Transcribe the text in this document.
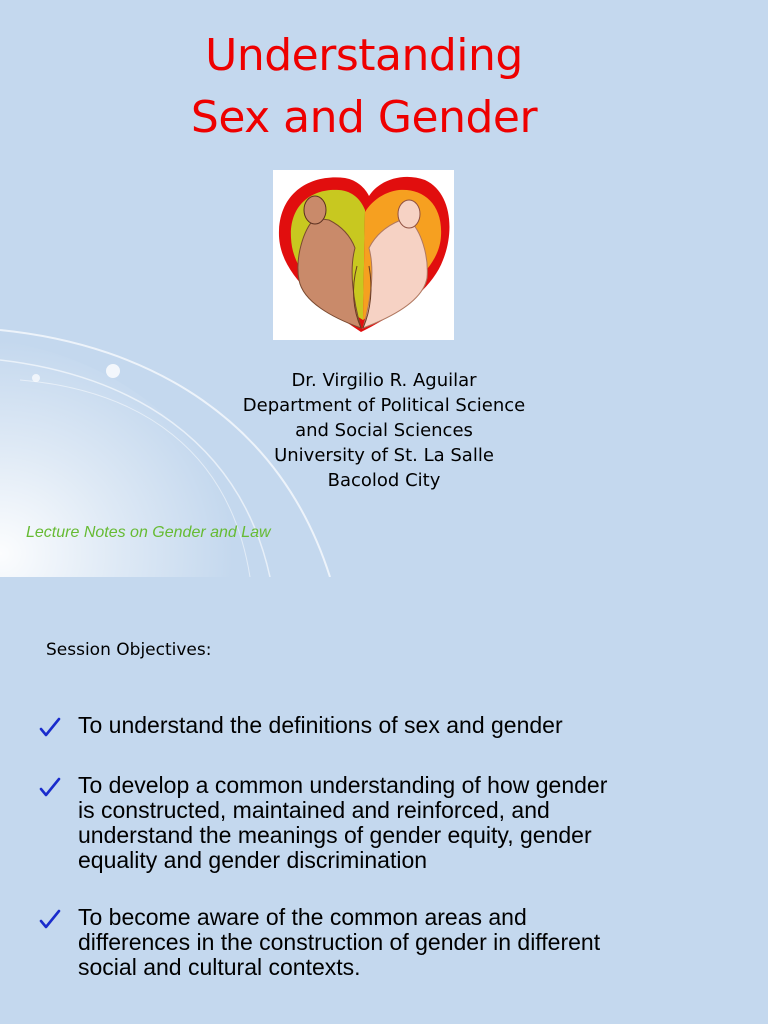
Understanding
Sex and Gender
Dr. Virgilio R. Aguilar
Department of Political Science
and Social Sciences
University of St. La Salle
Bacolod City
Lecture Notes on Gender and Law
Session Objectives:
To understand the definitions of sex and gender
To develop a common understanding of how gender
is constructed, maintained and reinforced, and
understand the meanings of gender equity, gender
equality and gender discrimination
To become aware of the common areas and
differences in the construction of gender in different
social and cultural contexts.
